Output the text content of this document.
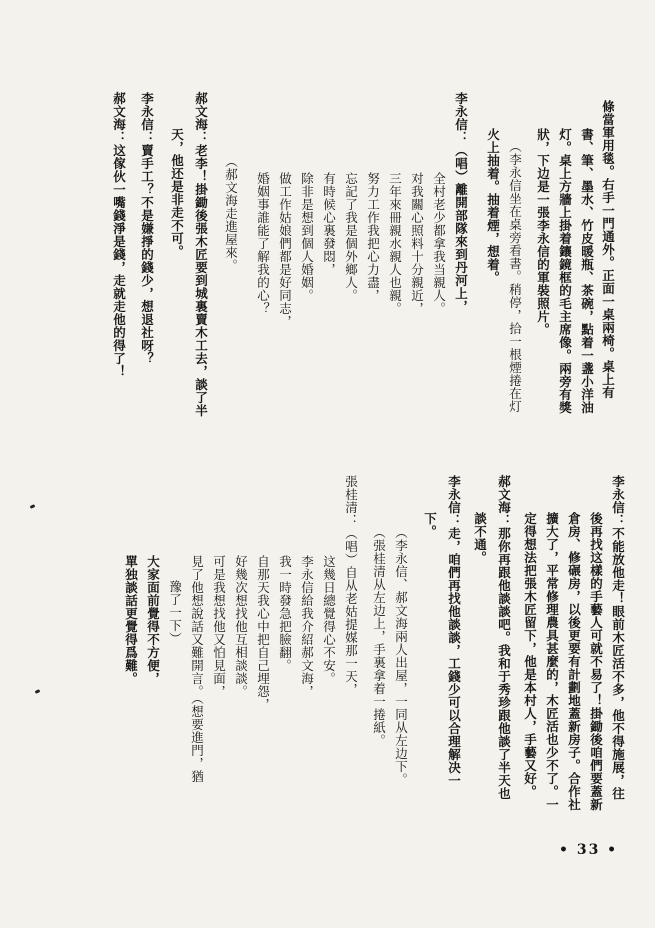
條當軍用毯。右手一門通外。正面一桌兩椅。桌上有
書、筆、墨水、竹皮暖瓶、茶碗，點着一盞小洋油
灯。桌上方牆上掛着鑲鏡框的毛主席像。兩旁有獎
狀，下边是一張李永信的軍裝照片。
（李永信坐在桌旁看書。稍停，拾一根煙捲在灯
火上抽着。抽着煙，想着。
李永信：（唱）離開部隊來到丹河上，
全村老少都拿我当親人。
对我關心照料十分親近，
三年來冊親水親人也親。
努力工作我把心力盡，
忘記了我是個外鄉人。
有時候心裏發悶，
除非是想到個人婚姻。
做工作姑娘們都是好同志，
婚姻事誰能了解我的心？
（郝文海走進屋來。
郝文海：老李！掛鋤後張木匠要到城裏賣木工去，談了半
天，他还是非走不可。
李永信：賣手工？不是嫌掙的錢少，想退社呀？
郝文海：这傢伙一嘴錢淨是錢，走就走他的得了！
李永信：不能放他走！眼前木匠活不多，他不得施展，往
後再找这樣的手藝人可就不易了！掛鋤後咱們要蓋新
倉房、修碾房，以後更要有計劃地蓋新房子。合作社
擴大了，平常修理農具甚麼的，木匠活也少不了。一
定得想法把張木匠留下，他是本村人，手藝又好。
郝文海：那你再跟他談談吧。我和于秀珍跟他談了半天也
談不通。
李永信：走，咱們再找他談談，工錢少可以合理解决一
下。
（李永信、郝文海兩人出屋，一同从左边下。
（張桂清从左边上，手裏拿着一捲紙。
張桂清：（唱）自从老姑提媒那一天，
这幾日總覺得心不安。
李永信給我介紹郝文海，
我一時發急把臉翻。
自那天我心中把自己埋怨，
好幾次想找他互相談談。
可是我想找他又怕見面，
見了他想說話又難開言。（想要進門，猶
豫了一下）
大家面前覺得不方便，
單独談話更覺得爲難。
• 33 •
